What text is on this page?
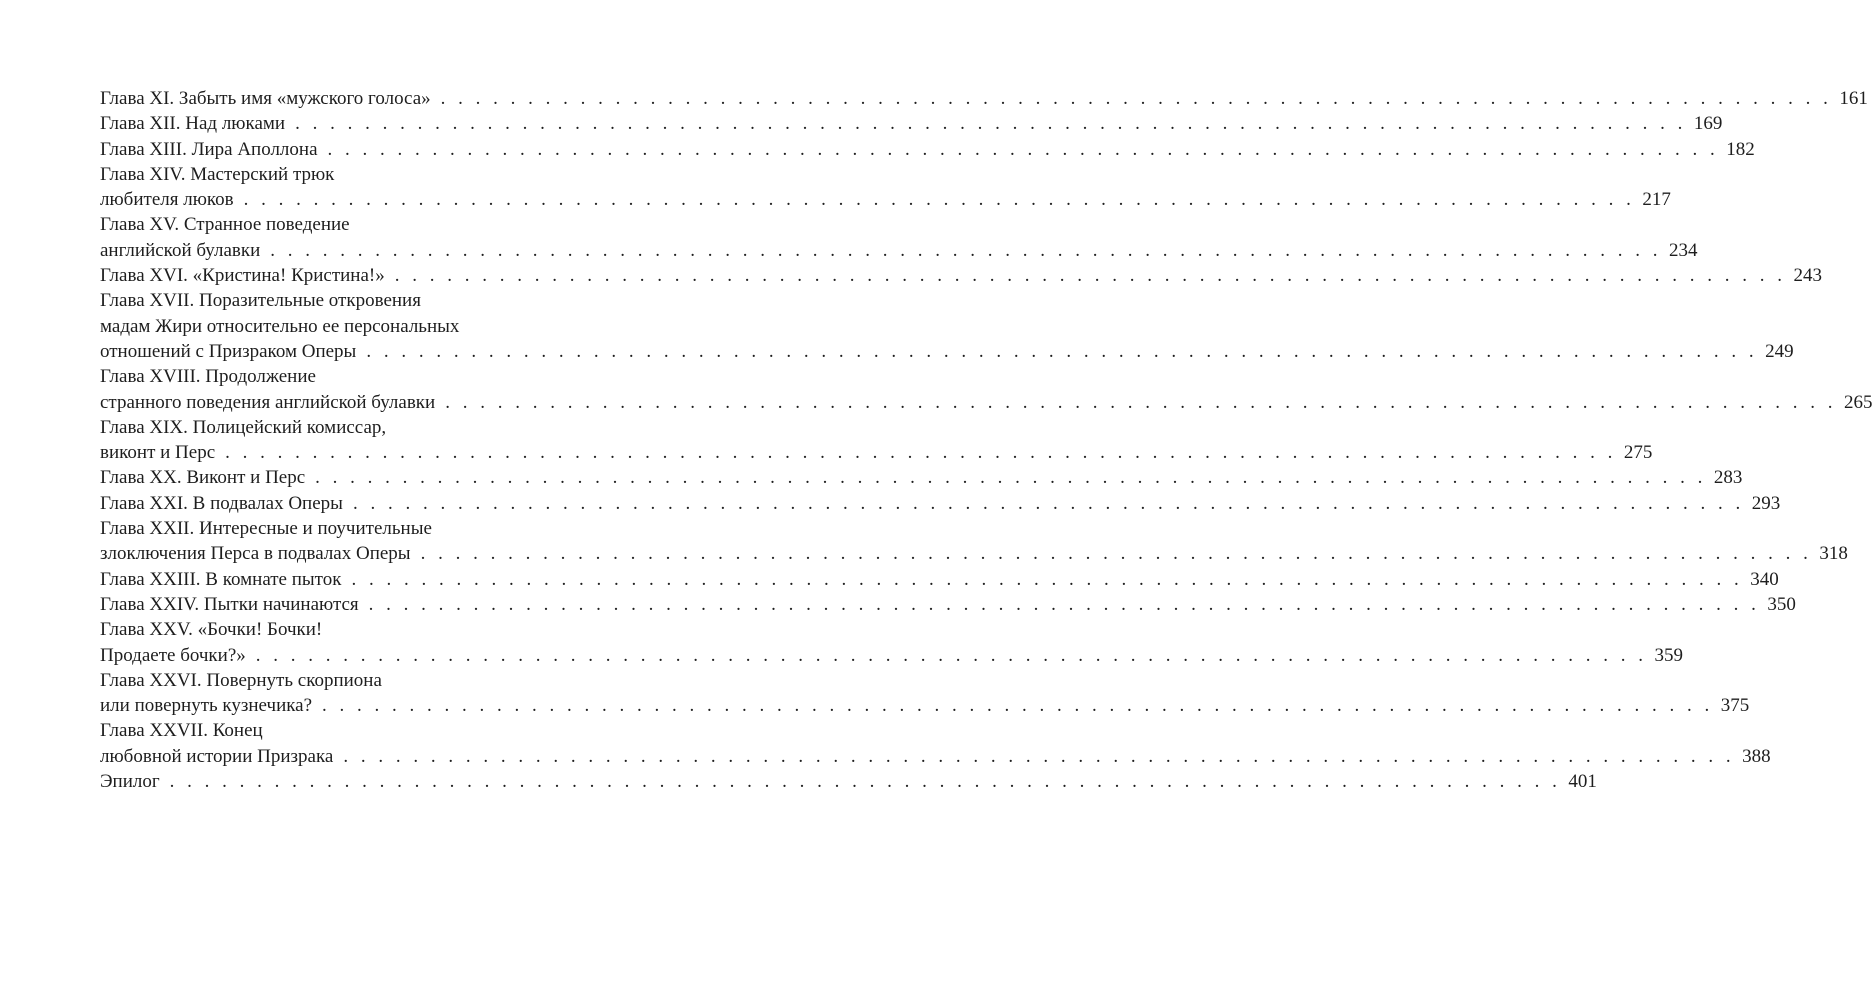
Глава XI. Забыть имя «мужского голоса» . . . . . . . . . . . . . . . . . . . . . . . . . . . . . . . . . . . . . . . . . . . . . . . . . . . . . . . . . . . . . . . . . . . . . . . . . . . . . . . . 161
Глава XII. Над люками . . . . . . . . . . . . . . . . . . . . . . . . . . . . . . . . . . . . . . . . . . . . . . . . . . . . . . . . . . . . . . . . . . . . . . . . . . . . . . . . 169
Глава XIII. Лира Аполлона . . . . . . . . . . . . . . . . . . . . . . . . . . . . . . . . . . . . . . . . . . . . . . . . . . . . . . . . . . . . . . . . . . . . . . . . . . . . . . . . 182
Глава XIV. Мастерский трюк
любителя люков . . . . . . . . . . . . . . . . . . . . . . . . . . . . . . . . . . . . . . . . . . . . . . . . . . . . . . . . . . . . . . . . . . . . . . . . . . . . . . . . 217
Глава XV. Странное поведение
английской булавки . . . . . . . . . . . . . . . . . . . . . . . . . . . . . . . . . . . . . . . . . . . . . . . . . . . . . . . . . . . . . . . . . . . . . . . . . . . . . . . . 234
Глава XVI. «Кристина! Кристина!» . . . . . . . . . . . . . . . . . . . . . . . . . . . . . . . . . . . . . . . . . . . . . . . . . . . . . . . . . . . . . . . . . . . . . . . . . . . . . . . . 243
Глава XVII. Поразительные откровения
мадам Жири относительно ее персональных
отношений с Призраком Оперы . . . . . . . . . . . . . . . . . . . . . . . . . . . . . . . . . . . . . . . . . . . . . . . . . . . . . . . . . . . . . . . . . . . . . . . . . . . . . . . . 249
Глава XVIII. Продолжение
странного поведения английской булавки . . . . . . . . . . . . . . . . . . . . . . . . . . . . . . . . . . . . . . . . . . . . . . . . . . . . . . . . . . . . . . . . . . . . . . . . . . . . . . . . 265
Глава XIX. Полицейский комиссар,
виконт и Перс . . . . . . . . . . . . . . . . . . . . . . . . . . . . . . . . . . . . . . . . . . . . . . . . . . . . . . . . . . . . . . . . . . . . . . . . . . . . . . . . 275
Глава XX. Виконт и Перс . . . . . . . . . . . . . . . . . . . . . . . . . . . . . . . . . . . . . . . . . . . . . . . . . . . . . . . . . . . . . . . . . . . . . . . . . . . . . . . . 283
Глава XXI. В подвалах Оперы . . . . . . . . . . . . . . . . . . . . . . . . . . . . . . . . . . . . . . . . . . . . . . . . . . . . . . . . . . . . . . . . . . . . . . . . . . . . . . . . 293
Глава XXII. Интересные и поучительные
злоключения Перса в подвалах Оперы . . . . . . . . . . . . . . . . . . . . . . . . . . . . . . . . . . . . . . . . . . . . . . . . . . . . . . . . . . . . . . . . . . . . . . . . . . . . . . . . 318
Глава XXIII. В комнате пыток . . . . . . . . . . . . . . . . . . . . . . . . . . . . . . . . . . . . . . . . . . . . . . . . . . . . . . . . . . . . . . . . . . . . . . . . . . . . . . . . 340
Глава XXIV. Пытки начинаются . . . . . . . . . . . . . . . . . . . . . . . . . . . . . . . . . . . . . . . . . . . . . . . . . . . . . . . . . . . . . . . . . . . . . . . . . . . . . . . . 350
Глава XXV. «Бочки! Бочки!
Продаете бочки?» . . . . . . . . . . . . . . . . . . . . . . . . . . . . . . . . . . . . . . . . . . . . . . . . . . . . . . . . . . . . . . . . . . . . . . . . . . . . . . . . 359
Глава XXVI. Повернуть скорпиона
или повернуть кузнечика? . . . . . . . . . . . . . . . . . . . . . . . . . . . . . . . . . . . . . . . . . . . . . . . . . . . . . . . . . . . . . . . . . . . . . . . . . . . . . . . . 375
Глава XXVII. Конец
любовной истории Призрака . . . . . . . . . . . . . . . . . . . . . . . . . . . . . . . . . . . . . . . . . . . . . . . . . . . . . . . . . . . . . . . . . . . . . . . . . . . . . . . . 388
Эпилог . . . . . . . . . . . . . . . . . . . . . . . . . . . . . . . . . . . . . . . . . . . . . . . . . . . . . . . . . . . . . . . . . . . . . . . . . . . . . . . . 401
